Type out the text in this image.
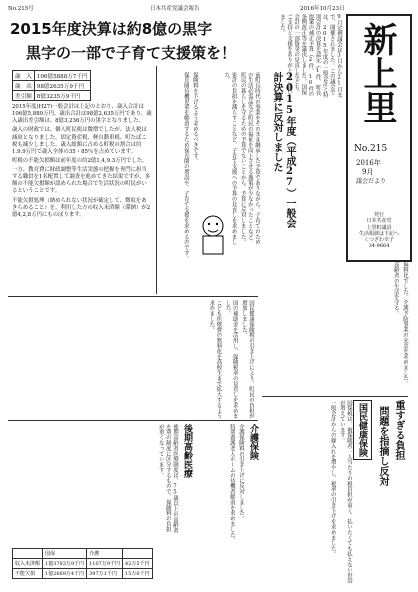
No.215号	日本共産党議会報告	2016年10月23日
2015年度決算は約8億の黒字
黒字の一部で子育て支援策を！
歳　入	106億5888万7千円
歳　出	98億2635万9千円
差引額	8億3235万9千円

2015年度(H27)一般会計は上記のとおり、歳入合計は106億5,889万円、歳出合計は98億2,635万円であり、歳入歳出差引額は、8億3,236万円の黒字となりました。

歳入の財政では、個人町民税は微増でしたが、法人税は減収となりました。固定資産税、軽自動車税、町たばこ税も減少しました。歳入総額に占める町税の割合は約1.9.9万円で歳入全体の35・85％を占めています。

町税の不能欠損額は前年度の約2億1,4,9.3万円でした。

一方、教育費に財政調整等生活実態の把握を専門に担当する職員を1名配置して調査を進めてきた結果ですが、多額の不能欠損額が認められた場合で生活状況の町民がいるということです。

不能欠損処理（納められない状況が確定して、徴収をあきらめること）を、利用した方の収入未済額（滞納）が2億4,2,8万円にものぼります。

保険料を下げるよう求めるべきです。

保育園待機児童を解消するため保育園の増設や、子育て支援を求めるのです。	前町長時代の事業をそのまま継承した予算でありながら、子育てのための生活必需品など町民の福祉を向上させる施策が少なかったことなど、町民の暮らしを守るための予算でないことから、予算に反対しました。

家計の負担を減らすことなど、子育て支援への予算の見直しを求めました。	2015年度（平成27）一般会計決算に反対しました

9月定例議会は3日から21日まで、開催されました。この議会では、2015年度の一般会計と特別会計の決算を認定（1件、町長提案の補正予算（2件、10件の条例改正等を議決しました。国保会計の一部資金の見直しなども、ご支持と支援をありがとうございました。	新上里
No.215
2016年
9月
議会だより
発行
日本共産党
上里町議員
生活相談は下記へ
くつざわ幸子
34-9664

無料化でした。介護予防事業の充実を求めました。

高齢者の生活を守る。

国民健康保険税の引き上げにより、町民の負担が増加しました。

国の補助金を活用し、保険税率の見直しを求めました。

こども医療費の無料化を高校生まで拡大するよう求めました。

重すぎる負担
問題を指摘し反対
国民健康保険

国保税は、被保険者一人当たりの税負担が重く、払いたくても払えない世帯が増えています。

一般会計からの繰入れを増やし、税率の引き下げを求めました。

介護保険

介護保険料の引き上げに反対しました。

特別養護老人ホームの待機者解消を求めました。

後期高齢医療

後期高齢者医療制度は、75歳以上の高齢者を別の制度に区分するもので、保険料の負担が重くなっています。

	国保	介護	
収入未済額	1億3783万9千円	1107万9千円	42万5千円
不能欠損	1億2669万4千円	397万1千円	15万6千円
